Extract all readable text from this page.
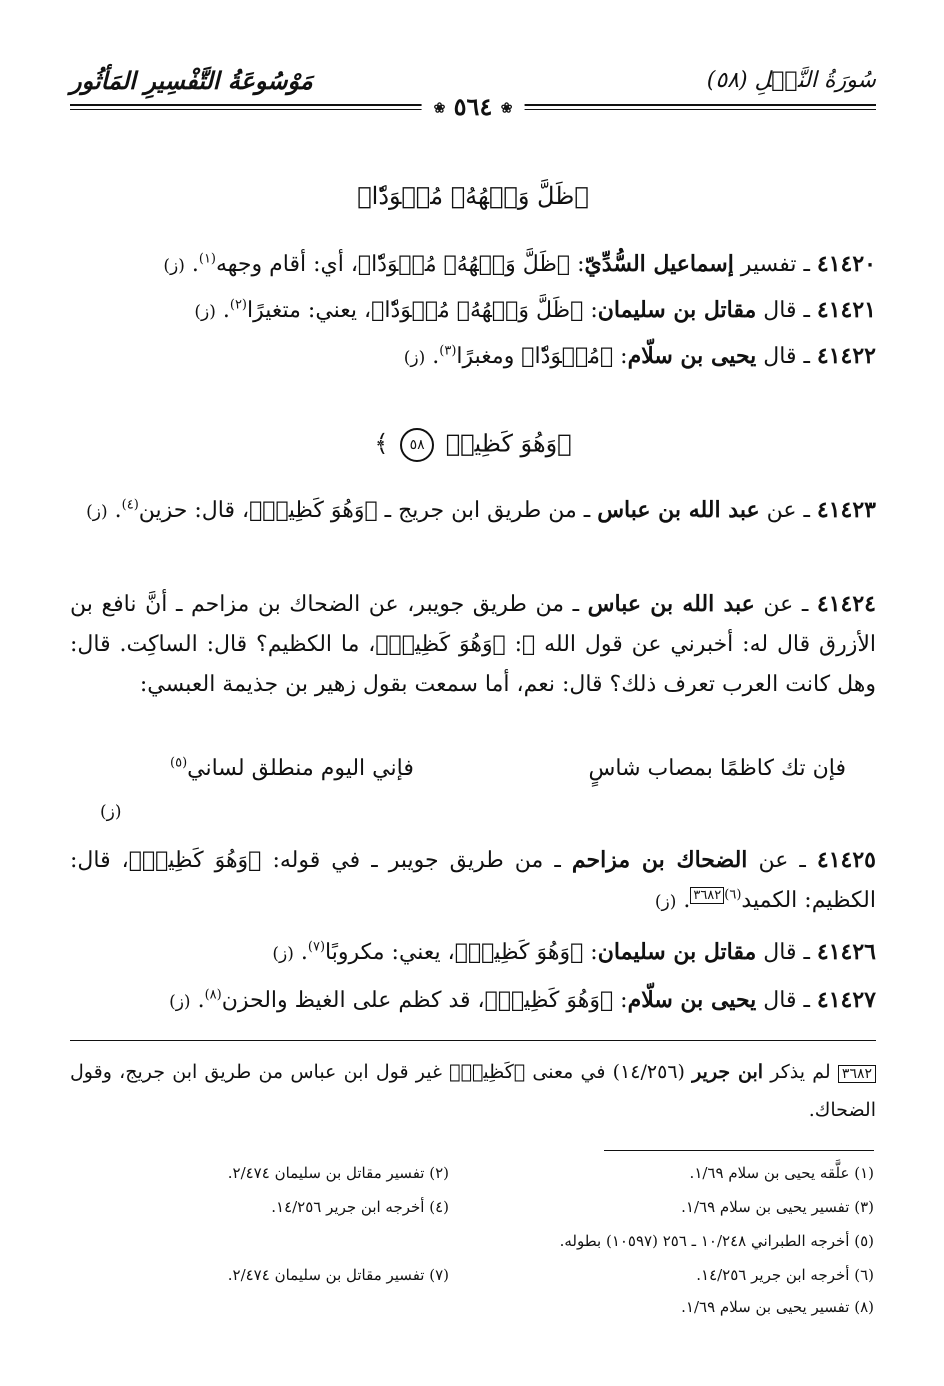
سُورَةُ النَّحۡلِ (٥٨)
مَوْسُوعَةُ التَّفْسِيرِ المَأثُور
❀ ٥٦٤ ❀
﴿ظَلَّ وَجۡهُهُۥ مُسۡوَدّٗا﴾
٤١٤٢٠ ـ تفسير إسماعيل السُّدِّيّ: ﴿ظَلَّ وَجۡهُهُۥ مُسۡوَدّٗا﴾، أي: أقام وجهه$^{(١)}$. (ز)
٤١٤٢١ ـ قال مقاتل بن سليمان: ﴿ظَلَّ وَجۡهُهُۥ مُسۡوَدّٗا﴾، يعني: متغيرًا$^{(٢)}$. (ز)
٤١٤٢٢ ـ قال يحيى بن سلّام: ﴿مُسۡوَدّٗا﴾ ومغبرًا$^{(٣)}$. (ز)
﴿وَهُوَ كَظِيمٞ ٥٨ ﴾
٤١٤٢٣ ـ عن عبد الله بن عباس ـ من طريق ابن جريج ـ ﴿وَهُوَ كَظِيمٞ﴾، قال: حزين$^{(٤)}$. (ز)
٤١٤٢٤ ـ عن عبد الله بن عباس ـ من طريق جويبر، عن الضحاك بن مزاحم ـ أنَّ نافع بن الأزرق قال له: أخبرني عن قول الله ﷻ: ﴿وَهُوَ كَظِيمٞ﴾، ما الكظيم؟ قال: الساكِت. قال: وهل كانت العرب تعرف ذلك؟ قال: نعم، أما سمعت بقول زهير بن جذيمة العبسي:
فإن تك كاظمًا بمصاب شاسٍ
فإني اليوم منطلق لساني$^{(٥)}$
(ز)
٤١٤٢٥ ـ عن الضحاك بن مزاحم ـ من طريق جويبر ـ في قوله: ﴿وَهُوَ كَظِيمٞ﴾، قال: الكظيم: الكميد$^{(٦)٣٦٨٢}$. (ز)
٤١٤٢٦ ـ قال مقاتل بن سليمان: ﴿وَهُوَ كَظِيمٞ﴾، يعني: مكروبًا$^{(٧)}$. (ز)
٤١٤٢٧ ـ قال يحيى بن سلّام: ﴿وَهُوَ كَظِيمٞ﴾، قد كظم على الغيظ والحزن$^{(٨)}$. (ز)
٣٦٨٢ لم يذكر ابن جرير (١٤/٢٥٦) في معنى ﴿كَظِيمٞ﴾ غير قول ابن عباس من طريق ابن جريج، وقول الضحاك.
(١) علَّقه يحيى بن سلام ١/٦٩.
(٢) تفسير مقاتل بن سليمان ٢/٤٧٤.
(٣) تفسير يحيى بن سلام ١/٦٩.
(٤) أخرجه ابن جرير ١٤/٢٥٦.
(٥) أخرجه الطبراني ١٠/٢٤٨ ـ ٢٥٦ (١٠٥٩٧) بطوله.
(٦) أخرجه ابن جرير ١٤/٢٥٦.
(٧) تفسير مقاتل بن سليمان ٢/٤٧٤.
(٨) تفسير يحيى بن سلام ١/٦٩.
